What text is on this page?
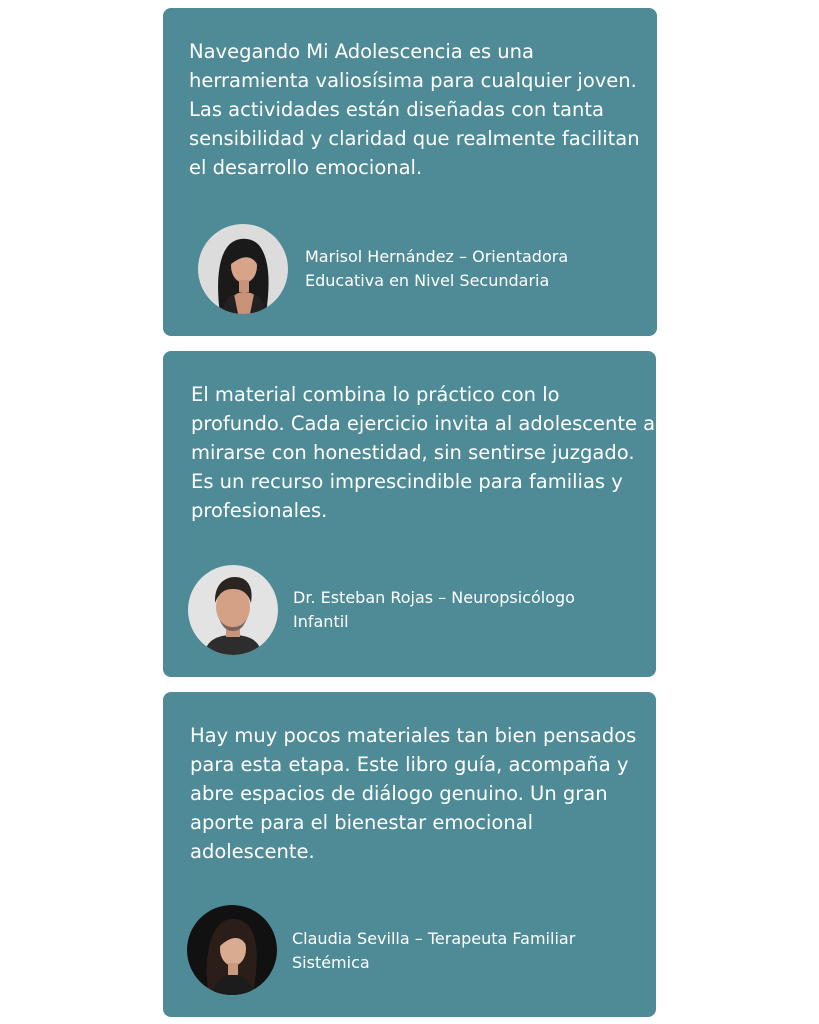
Navegando Mi Adolescencia es una
herramienta valiosísima para cualquier joven.
Las actividades están diseñadas con tanta
sensibilidad y claridad que realmente facilitan
el desarrollo emocional.

Marisol Hernández – Orientadora
Educativa en Nivel Secundaria

El material combina lo práctico con lo
profundo. Cada ejercicio invita al adolescente a
mirarse con honestidad, sin sentirse juzgado.
Es un recurso imprescindible para familias y
profesionales.

Dr. Esteban Rojas – Neuropsicólogo
Infantil

Hay muy pocos materiales tan bien pensados
para esta etapa. Este libro guía, acompaña y
abre espacios de diálogo genuino. Un gran
aporte para el bienestar emocional
adolescente.

Claudia Sevilla – Terapeuta Familiar
Sistémica
